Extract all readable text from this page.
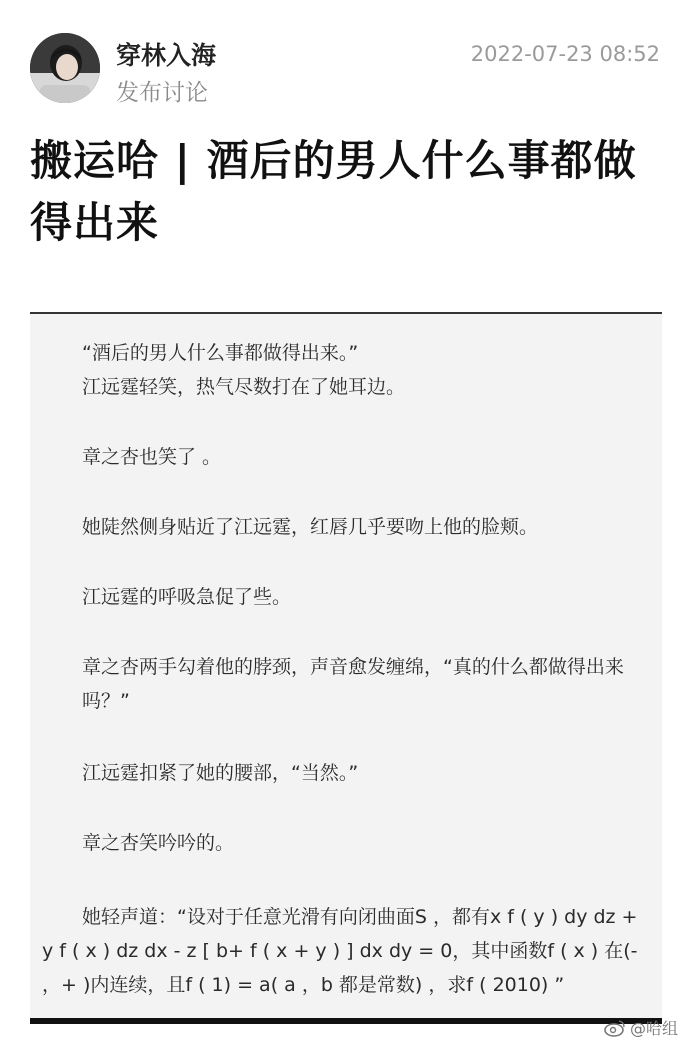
穿林入海
发布讨论
2022-07-23 08:52
搬运哈 | 酒后的男人什么事都做得出来
“酒后的男人什么事都做得出来。”
江远霆轻笑，热气尽数打在了她耳边。
章之杏也笑了 。
她陡然侧身贴近了江远霆，红唇几乎要吻上他的脸颊。
江远霆的呼吸急促了些。
章之杏两手勾着他的脖颈，声音愈发缠绵，“真的什么都做得出来吗？”
江远霆扣紧了她的腰部，“当然。”
章之杏笑吟吟的。
她轻声道：“设对于任意光滑有向闭曲面S ，都有x f ( y ) dy dz + y f ( x ) dz dx - z [ b+ f ( x + y ) ] dx dy = 0，其中函数f ( x ) 在(- ，+ )内连续，且f ( 1) = a( a ，b 都是常数) ，求f ( 2010) ”
@哈组
